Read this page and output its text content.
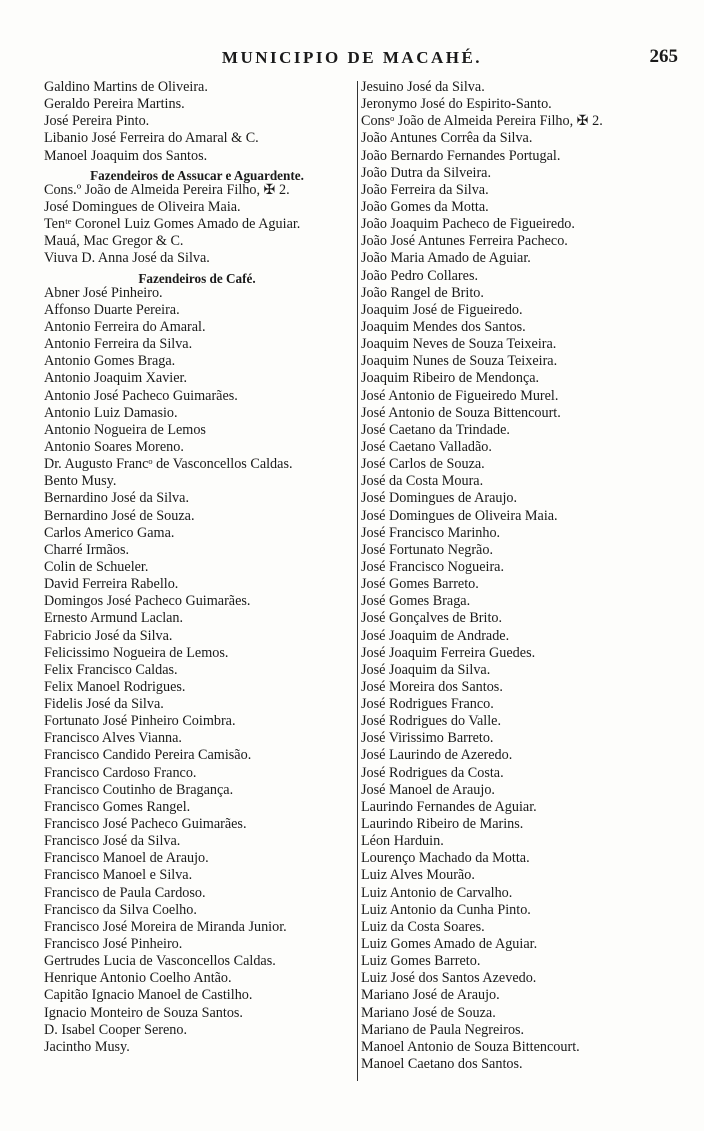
MUNICIPIO DE MACAHÉ.	265
Galdino Martins de Oliveira.
Geraldo Pereira Martins.
José Pereira Pinto.
Libanio José Ferreira do Amaral & C.
Manoel Joaquim dos Santos.
Fazendeiros de Assucar e Aguardente.
Cons.º João de Almeida Pereira Filho, ✠ 2.
José Domingues de Oliveira Maia.
Tenᵗᵉ Coronel Luiz Gomes Amado de Aguiar.
Mauá, Mac Gregor & C.
Viuva D. Anna José da Silva.
Fazendeiros de Café.
Abner José Pinheiro.
Affonso Duarte Pereira.
Antonio Ferreira do Amaral.
Antonio Ferreira da Silva.
Antonio Gomes Braga.
Antonio Joaquim Xavier.
Antonio José Pacheco Guimarães.
Antonio Luiz Damasio.
Antonio Nogueira de Lemos
Antonio Soares Moreno.
Dr. Augusto Francᵒ de Vasconcellos Caldas.
Bento Musy.
Bernardino José da Silva.
Bernardino José de Souza.
Carlos Americo Gama.
Charré Irmãos.
Colin de Schueler.
David Ferreira Rabello.
Domingos José Pacheco Guimarães.
Ernesto Armund Laclan.
Fabricio José da Silva.
Felicissimo Nogueira de Lemos.
Felix Francisco Caldas.
Felix Manoel Rodrigues.
Fidelis José da Silva.
Fortunato José Pinheiro Coimbra.
Francisco Alves Vianna.
Francisco Candido Pereira Camisão.
Francisco Cardoso Franco.
Francisco Coutinho de Bragança.
Francisco Gomes Rangel.
Francisco José Pacheco Guimarães.
Francisco José da Silva.
Francisco Manoel de Araujo.
Francisco Manoel e Silva.
Francisco de Paula Cardoso.
Francisco da Silva Coelho.
Francisco José Moreira de Miranda Junior.
Francisco José Pinheiro.
Gertrudes Lucia de Vasconcellos Caldas.
Henrique Antonio Coelho Antão.
Capitão Ignacio Manoel de Castilho.
Ignacio Monteiro de Souza Santos.
D. Isabel Cooper Sereno.
Jacintho Musy.
Jesuino José da Silva.
Jeronymo José do Espirito-Santo.
Consᵒ João de Almeida Pereira Filho, ✠ 2.
João Antunes Corrêa da Silva.
João Bernardo Fernandes Portugal.
João Dutra da Silveira.
João Ferreira da Silva.
João Gomes da Motta.
João Joaquim Pacheco de Figueiredo.
João José Antunes Ferreira Pacheco.
João Maria Amado de Aguiar.
João Pedro Collares.
João Rangel de Brito.
Joaquim José de Figueiredo.
Joaquim Mendes dos Santos.
Joaquim Neves de Souza Teixeira.
Joaquim Nunes de Souza Teixeira.
Joaquim Ribeiro de Mendonça.
José Antonio de Figueiredo Murel.
José Antonio de Souza Bittencourt.
José Caetano da Trindade.
José Caetano Valladão.
José Carlos de Souza.
José da Costa Moura.
José Domingues de Araujo.
José Domingues de Oliveira Maia.
José Francisco Marinho.
José Fortunato Negrão.
José Francisco Nogueira.
José Gomes Barreto.
José Gomes Braga.
José Gonçalves de Brito.
José Joaquim de Andrade.
José Joaquim Ferreira Guedes.
José Joaquim da Silva.
José Moreira dos Santos.
José Rodrigues Franco.
José Rodrigues do Valle.
José Virissimo Barreto.
José Laurindo de Azeredo.
José Rodrigues da Costa.
José Manoel de Araujo.
Laurindo Fernandes de Aguiar.
Laurindo Ribeiro de Marins.
Léon Harduin.
Lourenço Machado da Motta.
Luiz Alves Mourão.
Luiz Antonio de Carvalho.
Luiz Antonio da Cunha Pinto.
Luiz da Costa Soares.
Luiz Gomes Amado de Aguiar.
Luiz Gomes Barreto.
Luiz José dos Santos Azevedo.
Mariano José de Araujo.
Mariano José de Souza.
Mariano de Paula Negreiros.
Manoel Antonio de Souza Bittencourt.
Manoel Caetano dos Santos.
